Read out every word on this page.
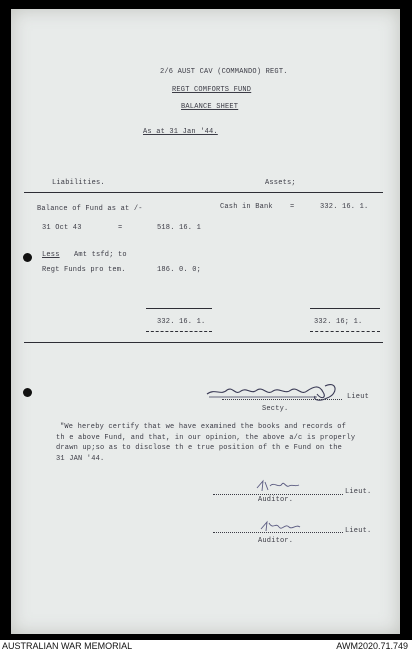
2/6 AUST CAV (COMMANDO) REGT.
REGT COMFORTS FUND
BALANCE SHEET
As at 31 Jan '44.
Liabilities.	Assets;
Balance of Fund as at /-
31 Oct 43	=	518. 16. 1
Less Amt tsfd; to
Regt Funds pro tem.	186. 0. 0;
Cash in Bank =	332. 16. 1.
332. 16. 1.	332. 16; 1.
Lieut
Secty.
"We hereby certify that we have examined the books and records of
th e above Fund, and that, in our opinion, the above a/c is properly
drawn up;so as to disclose th e true position of th e Fund on the
31 JAN '44.
Lieut.
Auditor.
Lieut.
Auditor.
AUSTRALIAN WAR MEMORIAL	AWM2020.71.749
